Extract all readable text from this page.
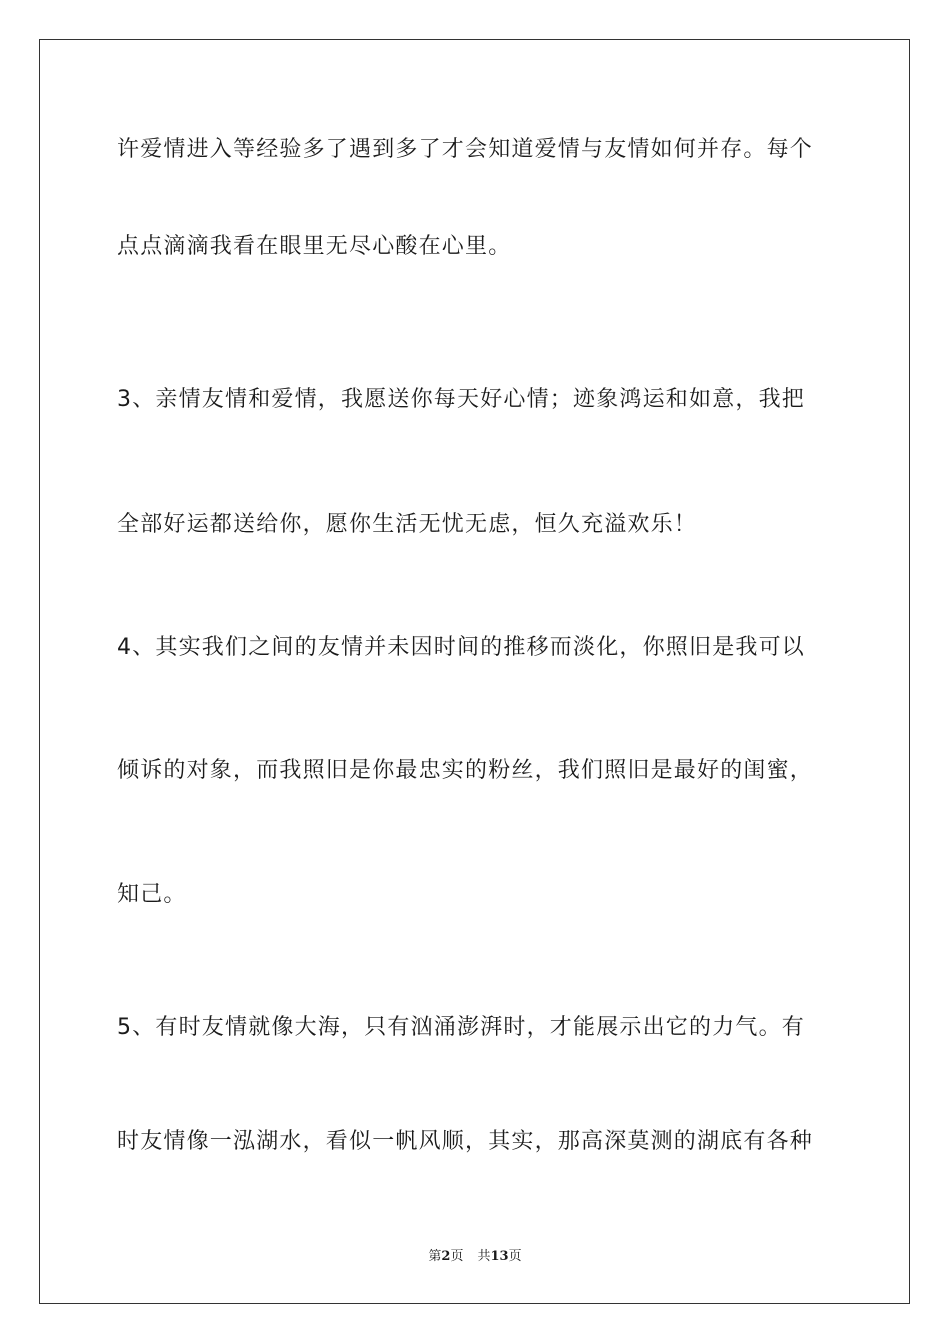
许爱情进入等经验多了遇到多了才会知道爱情与友情如何并存。每个
点点滴滴我看在眼里无尽心酸在心里。
3、亲情友情和爱情，我愿送你每天好心情；迹象鸿运和如意，我把
全部好运都送给你，愿你生活无忧无虑，恒久充溢欢乐！
4、其实我们之间的友情并未因时间的推移而淡化，你照旧是我可以
倾诉的对象，而我照旧是你最忠实的粉丝，我们照旧是最好的闺蜜，
知己。
5、有时友情就像大海，只有汹涌澎湃时，才能展示出它的力气。有
时友情像一泓湖水，看似一帆风顺，其实，那高深莫测的湖底有各种
第2页 共13页
